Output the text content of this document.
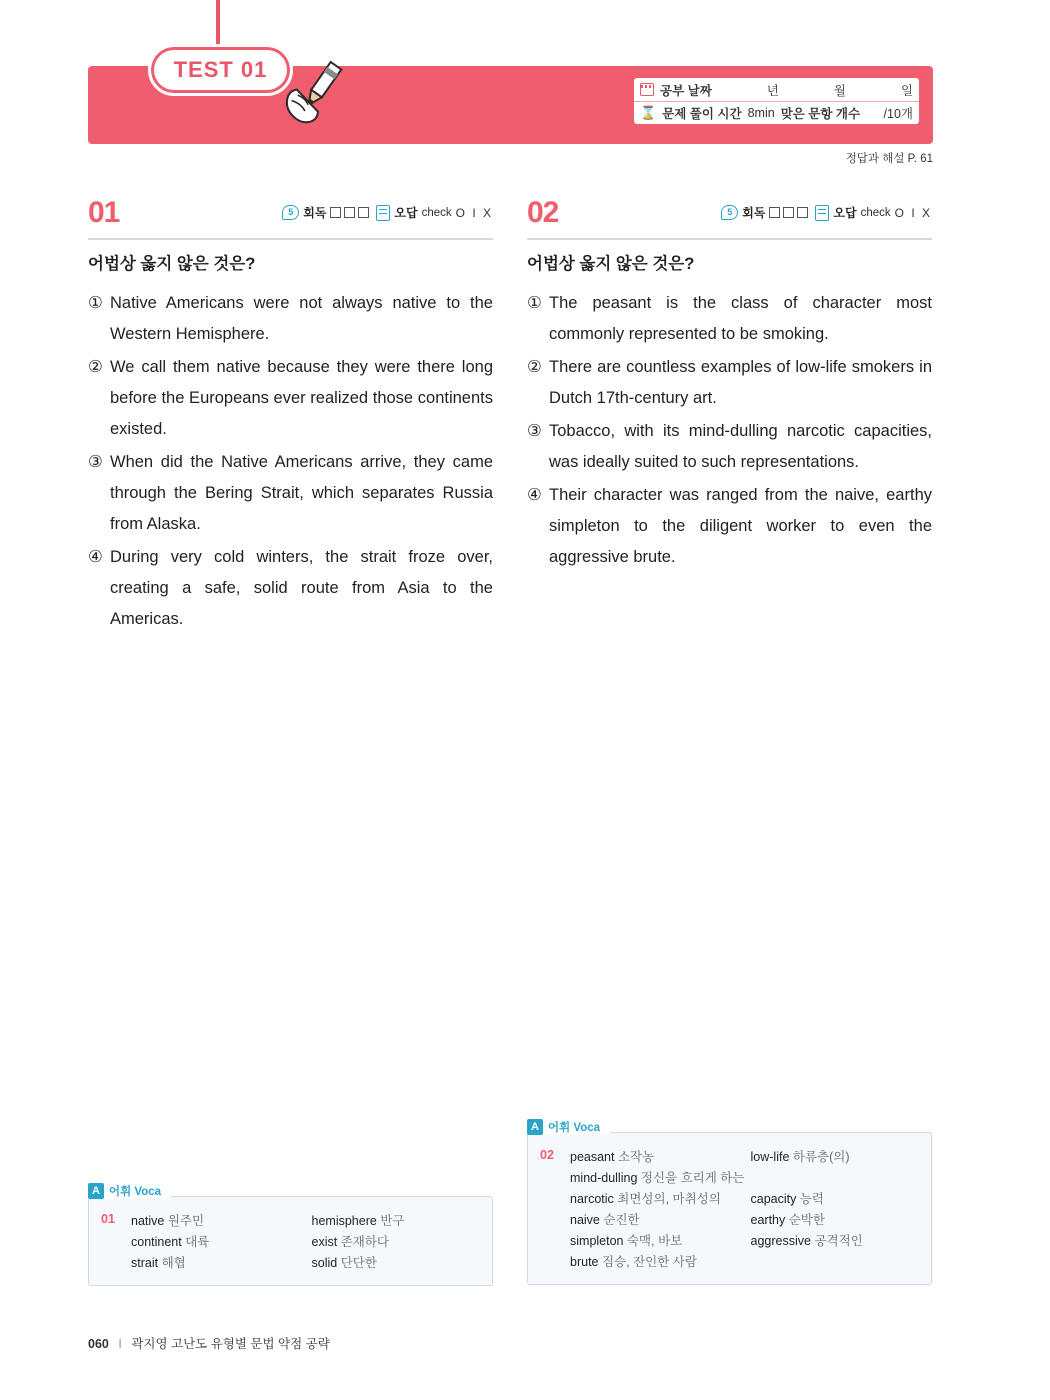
TEST 01
공부 날짜	년	월	일
⌛ 문제 풀이 시간 8min 맞은 문항 개수 /10개
정답과 해설 P. 61
01	5 회독	오답 check O I X
어법상 옳지 않은 것은?
① Native Americans were not always native to the Western Hemisphere.
② We call them native because they were there long before the Europeans ever realized those continents existed.
③ When did the Native Americans arrive, they came through the Bering Strait, which separates Russia from Alaska.
④ During very cold winters, the strait froze over, creating a safe, solid route from Asia to the Americas.
02	5 회독	오답 check O I X
어법상 옳지 않은 것은?
① The peasant is the class of character most commonly represented to be smoking.
② There are countless examples of low-life smokers in Dutch 17th-century art.
③ Tobacco, with its mind-dulling narcotic capacities, was ideally suited to such representations.
④ Their character was ranged from the naive, earthy simpleton to the diligent worker to even the aggressive brute.
A 어휘 Voca
01	native 원주민	hemisphere 반구
continent 대륙	exist 존재하다
strait 해협	solid 단단한
A 어휘 Voca
02	peasant 소작농	low-life 하류층(의)
mind-dulling 정신을 흐리게 하는
narcotic 최면성의, 마취성의	capacity 능력
naive 순진한	earthy 순박한
simpleton 숙맥, 바보	aggressive 공격적인
brute 짐승, 잔인한 사람
060 I 곽지영 고난도 유형별 문법 약점 공략
